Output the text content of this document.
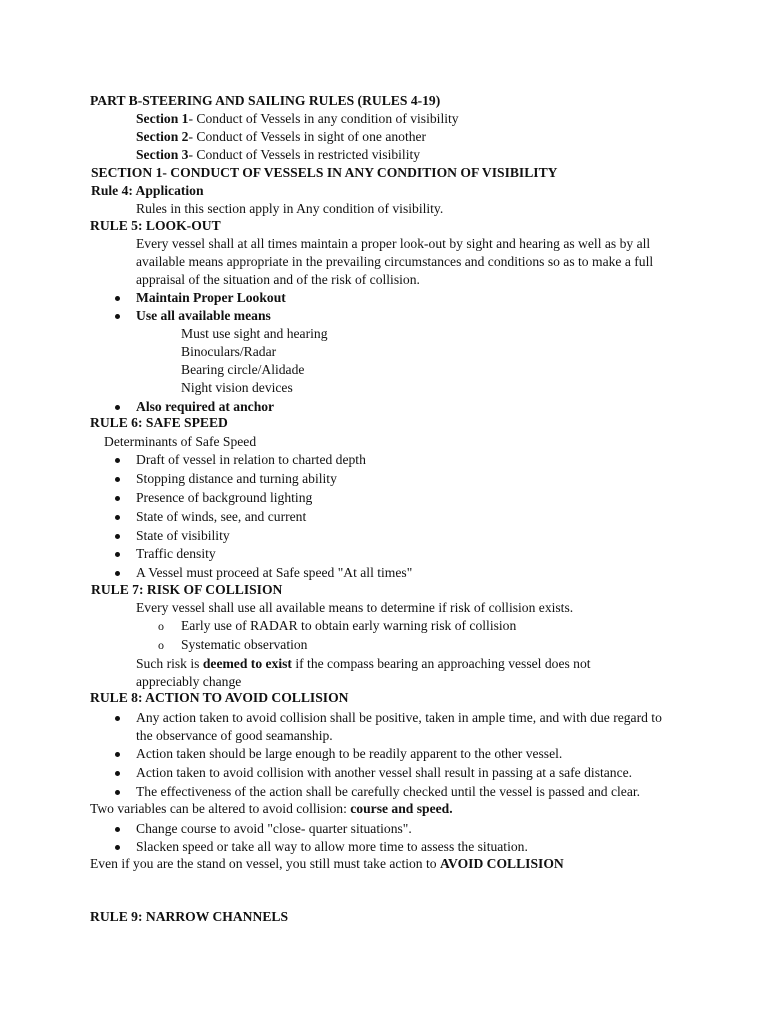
PART B-STEERING AND SAILING RULES (RULES 4-19)
Section 1- Conduct of Vessels in any condition of visibility
Section 2- Conduct of Vessels in sight of one another
Section 3- Conduct of Vessels in restricted visibility
SECTION 1- CONDUCT OF VESSELS IN ANY CONDITION OF VISIBILITY
Rule 4: Application
Rules in this section apply in Any condition of visibility.
RULE 5: LOOK-OUT
Every vessel shall at all times maintain a proper look-out by sight and hearing as well as by all
available means appropriate in the prevailing circumstances and conditions so as to make a full
appraisal of the situation and of the risk of collision.
Maintain Proper Lookout
Use all available means
Must use sight and hearing
Binoculars/Radar
Bearing circle/Alidade
Night vision devices
Also required at anchor
RULE 6: SAFE SPEED
Determinants of Safe Speed
Draft of vessel in relation to charted depth
Stopping distance and turning ability
Presence of background lighting
State of winds, see, and current
State of visibility
Traffic density
A Vessel must proceed at Safe speed "At all times"
RULE 7: RISK OF COLLISION
Every vessel shall use all available means to determine if risk of collision exists.
o Early use of RADAR to obtain early warning risk of collision
o Systematic observation
Such risk is deemed to exist if the compass bearing an approaching vessel does not
appreciably change
RULE 8: ACTION TO AVOID COLLISION
Any action taken to avoid collision shall be positive, taken in ample time, and with due regard to
the observance of good seamanship.
Action taken should be large enough to be readily apparent to the other vessel.
Action taken to avoid collision with another vessel shall result in passing at a safe distance.
The effectiveness of the action shall be carefully checked until the vessel is passed and clear.
Two variables can be altered to avoid collision: course and speed.
Change course to avoid "close- quarter situations".
Slacken speed or take all way to allow more time to assess the situation.
Even if you are the stand on vessel, you still must take action to AVOID COLLISION
RULE 9: NARROW CHANNELS
